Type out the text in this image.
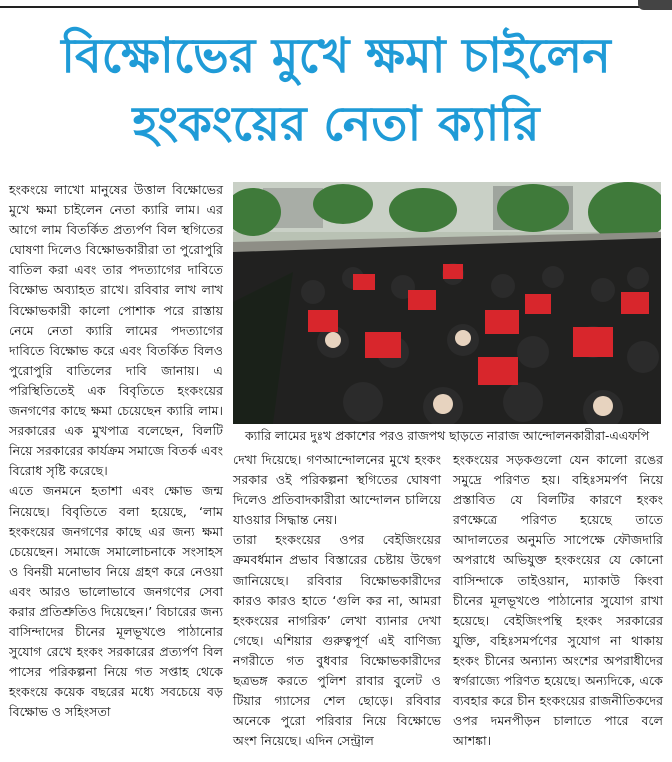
বিক্ষোভের মুখে ক্ষমা চাইলেন
হংকংয়ের নেতা ক্যারি

হংকংয়ে লাখো মানুষের উত্তাল বিক্ষোভের মুখে ক্ষমা চাইলেন নেতা ক্যারি লাম। এর আগে লাম বিতর্কিত প্রত্যর্পণ বিল স্থগিতের ঘোষণা দিলেও বিক্ষোভকারীরা তা পুরোপুরি বাতিল করা এবং তার পদত্যাগের দাবিতে বিক্ষোভ অব্যাহত রাখে। রবিবার লাখ লাখ বিক্ষোভকারী কালো পোশাক পরে রাস্তায় নেমে নেতা ক্যারি লামের পদত্যাগের দাবিতে বিক্ষোভ করে এবং বিতর্কিত বিলও পুরোপুরি বাতিলের দাবি জানায়। এ পরিস্থিতিতেই এক বিবৃতিতে হংকংয়ের জনগণের কাছে ক্ষমা চেয়েছেন ক্যারি লাম। সরকারের এক মুখপাত্র বলেছেন, বিলটি নিয়ে সরকারের কার্যক্রম সমাজে বিতর্ক এবং বিরোধ সৃষ্টি করেছে।

এতে জনমনে হতাশা এবং ক্ষোভ জন্ম নিয়েছে। বিবৃতিতে বলা হয়েছে, ‘লাম হংকংয়ের জনগণের কাছে এর জন্য ক্ষমা চেয়েছেন। সমাজে সমালোচনাকে সংসাহস ও বিনয়ী মনোভাব নিয়ে গ্রহণ করে নেওয়া এবং আরও ভালোভাবে জনগণের সেবা করার প্রতিশ্রুতিও দিয়েছেন।’ বিচারের জন্য বাসিন্দাদের চীনের মূলভূখণ্ডে পাঠানোর সুযোগ রেখে হংকং সরকারের প্রত্যর্পণ বিল পাসের পরিকল্পনা নিয়ে গত সপ্তাহ থেকে হংকংয়ে কয়েক বছরের মধ্যে সবচেয়ে বড় বিক্ষোভ ও সহিংসতা

ক্যারি লামের দুঃখ প্রকাশের পরও রাজপথ ছাড়তে নারাজ আন্দোলনকারীরা-এএফপি

দেখা দিয়েছে। গণআন্দোলনের মুখে হংকং সরকার ওই পরিকল্পনা স্থগিতের ঘোষণা দিলেও প্রতিবাদকারীরা আন্দোলন চালিয়ে যাওয়ার সিদ্ধান্ত নেয়।

তারা হংকংয়ের ওপর বেইজিংয়ের ক্রমবর্ধমান প্রভাব বিস্তারের চেষ্টায় উদ্বেগ জানিয়েছে। রবিবার বিক্ষোভকারীদের কারও কারও হাতে ‘গুলি কর না, আমরা হংকংয়ের নাগরিক’ লেখা ব্যানার দেখা গেছে। এশিয়ার গুরুত্বপূর্ণ এই বাণিজ্য নগরীতে গত বুধবার বিক্ষোভকারীদের ছত্রভঙ্গ করতে পুলিশ রাবার বুলেট ও টিয়ার গ্যাসের শেল ছোড়ে। রবিবার অনেকে পুরো পরিবার নিয়ে বিক্ষোভে অংশ নিয়েছে। এদিন সেন্ট্রাল

হংকংয়ের সড়কগুলো যেন কালো রঙের সমুদ্রে পরিণত হয়। বহিঃসমর্পণ নিয়ে প্রস্তাবিত যে বিলটির কারণে হংকং রণক্ষেত্রে পরিণত হয়েছে তাতে আদালতের অনুমতি সাপেক্ষে ফৌজদারি অপরাধে অভিযুক্ত হংকংয়ের যে কোনো বাসিন্দাকে তাইওয়ান, ম্যাকাউ কিংবা চীনের মূলভূখণ্ডে পাঠানোর সুযোগ রাখা হয়েছে। বেইজিংপন্থি হংকং সরকারের যুক্তি, বহিঃসমর্পণের সুযোগ না থাকায় হংকং চীনের অন্যান্য অংশের অপরাধীদের স্বর্গরাজ্যে পরিণত হয়েছে। অন্যদিকে, একে ব্যবহার করে চীন হংকংয়ের রাজনীতিকদের ওপর দমনপীড়ন চালাতে পারে বলে আশঙ্কা।
